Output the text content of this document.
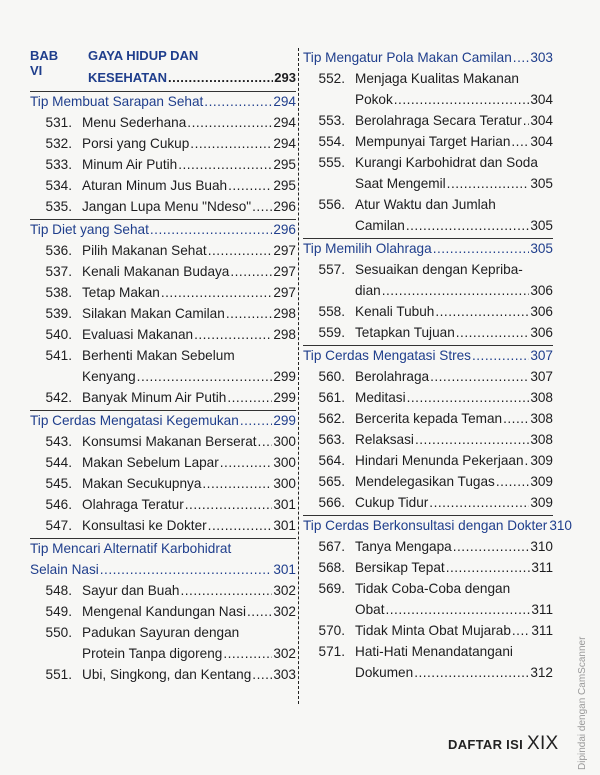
BAB VI
GAYA HIDUP DAN
KESEHATAN .....	293
Tip Membuat Sarapan Sehat .....	294
531. Menu Sederhana .....	294
532. Porsi yang Cukup .....	294
533. Minum Air Putih .....	295
534. Aturan Minum Jus Buah .....	295
535. Jangan Lupa Menu "Ndeso" ..... 296
Tip Diet yang Sehat .....	296
536. Pilih Makanan Sehat .....	297
537. Kenali Makanan Budaya .....	297
538. Tetap Makan .....	297
539. Silakan Makan Camilan .....	298
540. Evaluasi Makanan .....	298
541. Berhenti Makan Sebelum
Kenyang .....	299
542. Banyak Minum Air Putih .....	299
Tip Cerdas Mengatasi Kegemukan .....	299
543. Konsumsi Makanan Berserat ..... 300
544. Makan Sebelum Lapar .....	300
545. Makan Secukupnya .....	300
546. Olahraga Teratur .....	301
547. Konsultasi ke Dokter .....	301
Tip Mencari Alternatif Karbohidrat
Selain Nasi .....	301
548. Sayur dan Buah .....	302
549. Mengenal Kandungan Nasi ..... 302
550. Padukan Sayuran dengan
Protein Tanpa digoreng .....	302
551. Ubi, Singkong, dan Kentang ..... 303
Tip Mengatur Pola Makan Camilan ..... 303
552. Menjaga Kualitas Makanan
Pokok .....	304
553. Berolahraga Secara Teratur ..... 304
554. Mempunyai Target Harian ..... 304
555. Kurangi Karbohidrat dan Soda
Saat Mengemil .....	305
556. Atur Waktu dan Jumlah
Camilan .....	305
Tip Memilih Olahraga .....	305
557. Sesuaikan dengan Kepriba-
dian .....	306
558. Kenali Tubuh .....	306
559. Tetapkan Tujuan .....	306
Tip Cerdas Mengatasi Stres .....	307
560. Berolahraga .....	307
561. Meditasi .....	308
562. Bercerita kepada Teman ..... 308
563. Relaksasi .....	308
564. Hindari Menunda Pekerjaan ..... 309
565. Mendelegasikan Tugas .....	309
566. Cukup Tidur .....	309
Tip Cerdas Berkonsultasi dengan Dokter 310
567. Tanya Mengapa .....	310
568. Bersikap Tepat .....	311
569. Tidak Coba-Coba dengan
Obat .....	311
570. Tidak Minta Obat Mujarab ..... 311
571. Hati-Hati Menandatangani
Dokumen .....	312
DAFTAR ISI XIX Dipindai dengan CamScanner
